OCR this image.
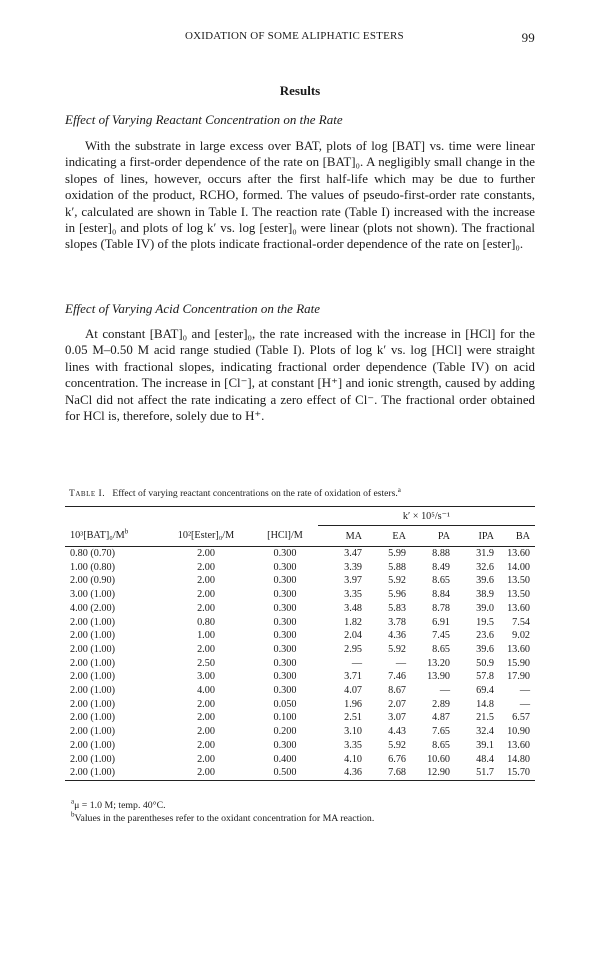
OXIDATION OF SOME ALIPHATIC ESTERS	99
Results
Effect of Varying Reactant Concentration on the Rate

With the substrate in large excess over BAT, plots of log [BAT] vs. time were linear indicating a first-order dependence of the rate on [BAT]₀. A negligibly small change in the slopes of lines, however, occurs after the first half-life which may be due to further oxidation of the product, RCHO, formed. The values of pseudo-first-order rate constants, k′, calculated are shown in Table I. The reaction rate (Table I) increased with the increase in [ester]₀ and plots of log k′ vs. log [ester]₀ were linear (plots not shown). The fractional slopes (Table IV) of the plots indicate fractional-order dependence of the rate on [ester]₀.

Effect of Varying Acid Concentration on the Rate

At constant [BAT]₀ and [ester]₀, the rate increased with the increase in [HCl] for the 0.05 M–0.50 M acid range studied (Table I). Plots of log k′ vs. log [HCl] were straight lines with fractional slopes, indicating fractional order dependence (Table IV) on acid concentration. The increase in [Cl⁻], at constant [H⁺] and ionic strength, caused by adding NaCl did not affect the rate indicating a zero effect of Cl⁻. The fractional order obtained for HCl is, therefore, solely due to H⁺.

Table I. Effect of varying reactant concentrations on the rate of oxidation of esters.$^a$
			k′ × 10⁵/s⁻¹				
$10^3[BAT]_0/M^b$	10²[Ester]₀/M	[HCl]/M	MA	EA	PA	IPA	BA
0.80 (0.70)	2.00	0.300	3.47	5.99	8.88	31.9	13.60
1.00 (0.80)	2.00	0.300	3.39	5.88	8.49	32.6	14.00
2.00 (0.90)	2.00	0.300	3.97	5.92	8.65	39.6	13.50
3.00 (1.00)	2.00	0.300	3.35	5.96	8.84	38.9	13.50
4.00 (2.00)	2.00	0.300	3.48	5.83	8.78	39.0	13.60
2.00 (1.00)	0.80	0.300	1.82	3.78	6.91	19.5	7.54
2.00 (1.00)	1.00	0.300	2.04	4.36	7.45	23.6	9.02
2.00 (1.00)	2.00	0.300	2.95	5.92	8.65	39.6	13.60
2.00 (1.00)	2.50	0.300	—	—	13.20	50.9	15.90
2.00 (1.00)	3.00	0.300	3.71	7.46	13.90	57.8	17.90
2.00 (1.00)	4.00	0.300	4.07	8.67	—	69.4	—
2.00 (1.00)	2.00	0.050	1.96	2.07	2.89	14.8	—
2.00 (1.00)	2.00	0.100	2.51	3.07	4.87	21.5	6.57
2.00 (1.00)	2.00	0.200	3.10	4.43	7.65	32.4	10.90
2.00 (1.00)	2.00	0.300	3.35	5.92	8.65	39.1	13.60
2.00 (1.00)	2.00	0.400	4.10	6.76	10.60	48.4	14.80
2.00 (1.00)	2.00	0.500	4.36	7.68	12.90	51.7	15.70
$^a$μ = 1.0 M; temp. 40°C.
$^b$Values in the parentheses refer to the oxidant concentration for MA reaction.
